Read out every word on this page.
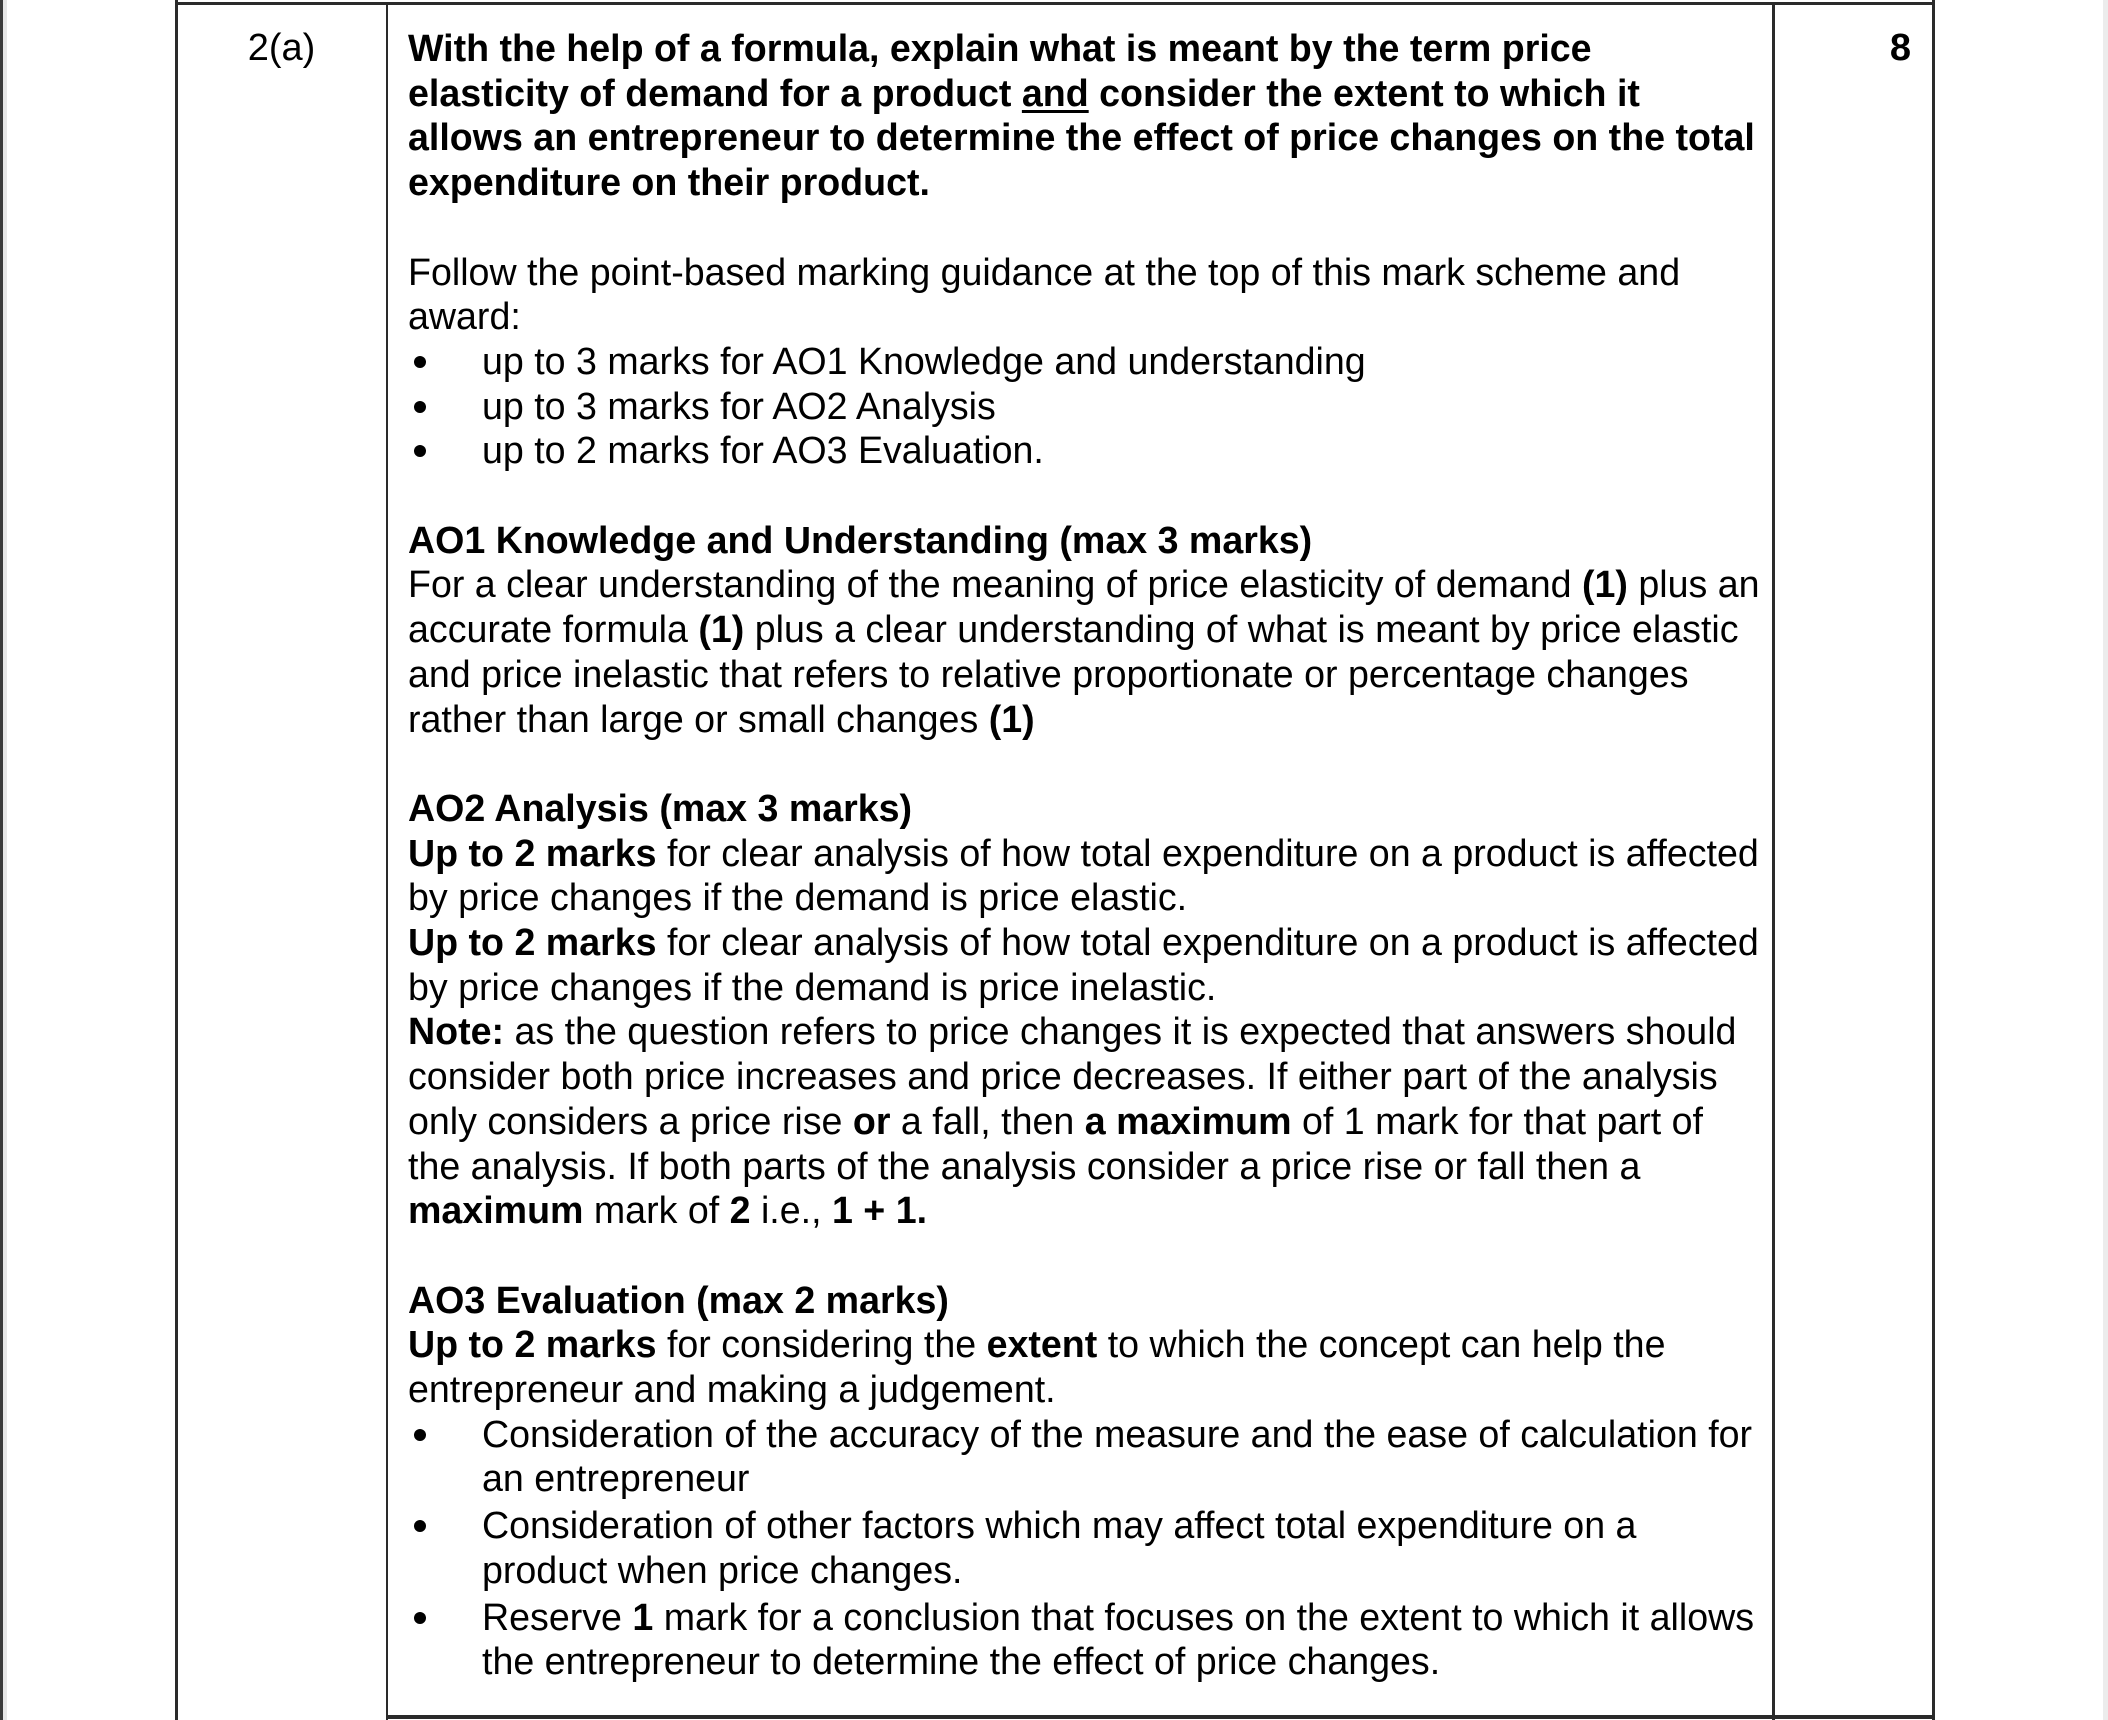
2(a)	8

With the help of a formula, explain what is meant by the term price elasticity of demand for a product and consider the extent to which it allows an entrepreneur to determine the effect of price changes on the total expenditure on their product.

Follow the point-based marking guidance at the top of this mark scheme and award:

up to 3 marks for AO1 Knowledge and understanding
up to 3 marks for AO2 Analysis
up to 2 marks for AO3 Evaluation.

AO1 Knowledge and Understanding (max 3 marks)

For a clear understanding of the meaning of price elasticity of demand (1) plus an accurate formula (1) plus a clear understanding of what is meant by price elastic and price inelastic that refers to relative proportionate or percentage changes rather than large or small changes (1)

AO2 Analysis (max 3 marks)

Up to 2 marks for clear analysis of how total expenditure on a product is affected by price changes if the demand is price elastic.

Up to 2 marks for clear analysis of how total expenditure on a product is affected by price changes if the demand is price inelastic.

Note: as the question refers to price changes it is expected that answers should consider both price increases and price decreases. If either part of the analysis only considers a price rise or a fall, then a maximum of 1 mark for that part of the analysis. If both parts of the analysis consider a price rise or fall then a maximum mark of 2 i.e., 1 + 1.

AO3 Evaluation (max 2 marks)

Up to 2 marks for considering the extent to which the concept can help the entrepreneur and making a judgement.

Consideration of the accuracy of the measure and the ease of calculation for an entrepreneur
Consideration of other factors which may affect total expenditure on a product when price changes.
Reserve 1 mark for a conclusion that focuses on the extent to which it allows the entrepreneur to determine the effect of price changes.
